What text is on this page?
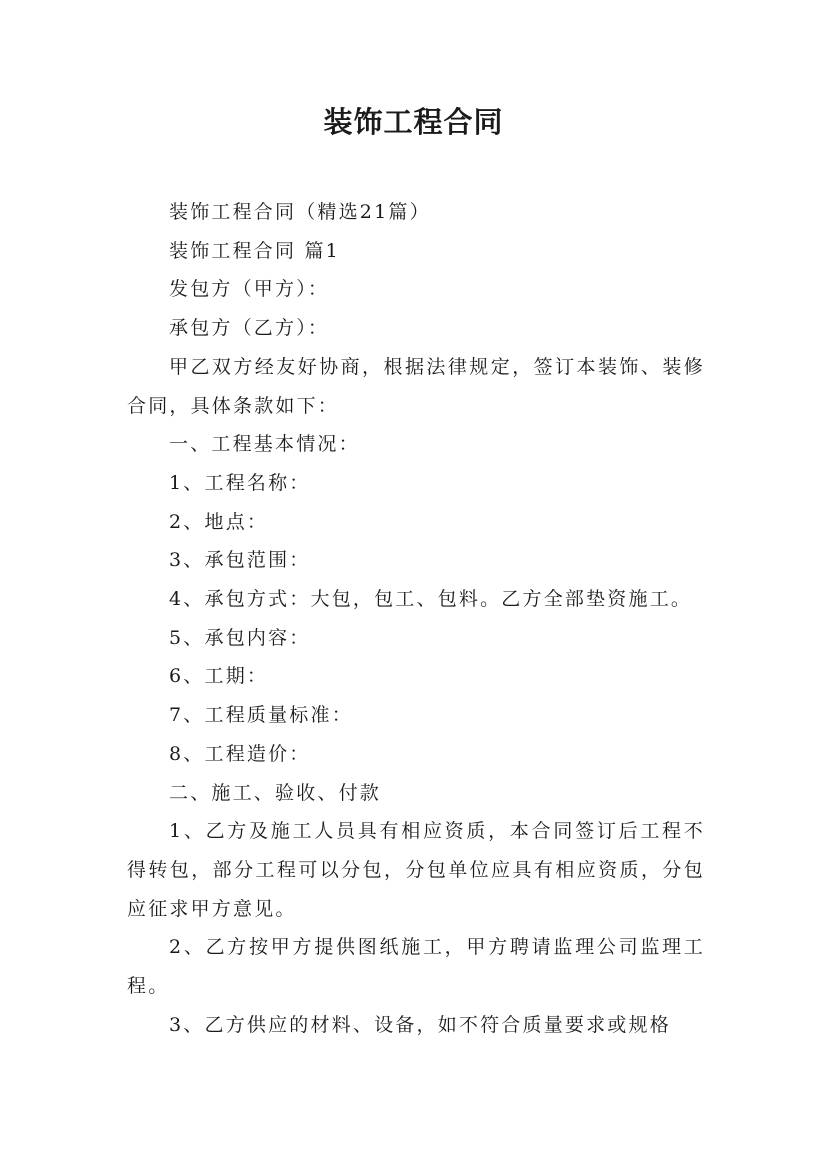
装饰工程合同

装饰工程合同（精选21篇）

装饰工程合同 篇1

发包方（甲方）：

承包方（乙方）：

甲乙双方经友好协商，根据法律规定，签订本装饰、装修合同，具体条款如下：

一、工程基本情况：

1、工程名称：

2、地点：

3、承包范围：

4、承包方式：大包，包工、包料。乙方全部垫资施工。

5、承包内容：

6、工期：

7、工程质量标准：

8、工程造价：

二、施工、验收、付款

1、乙方及施工人员具有相应资质，本合同签订后工程不得转包，部分工程可以分包，分包单位应具有相应资质，分包应征求甲方意见。

2、乙方按甲方提供图纸施工，甲方聘请监理公司监理工程。

3、乙方供应的材料、设备，如不符合质量要求或规格
